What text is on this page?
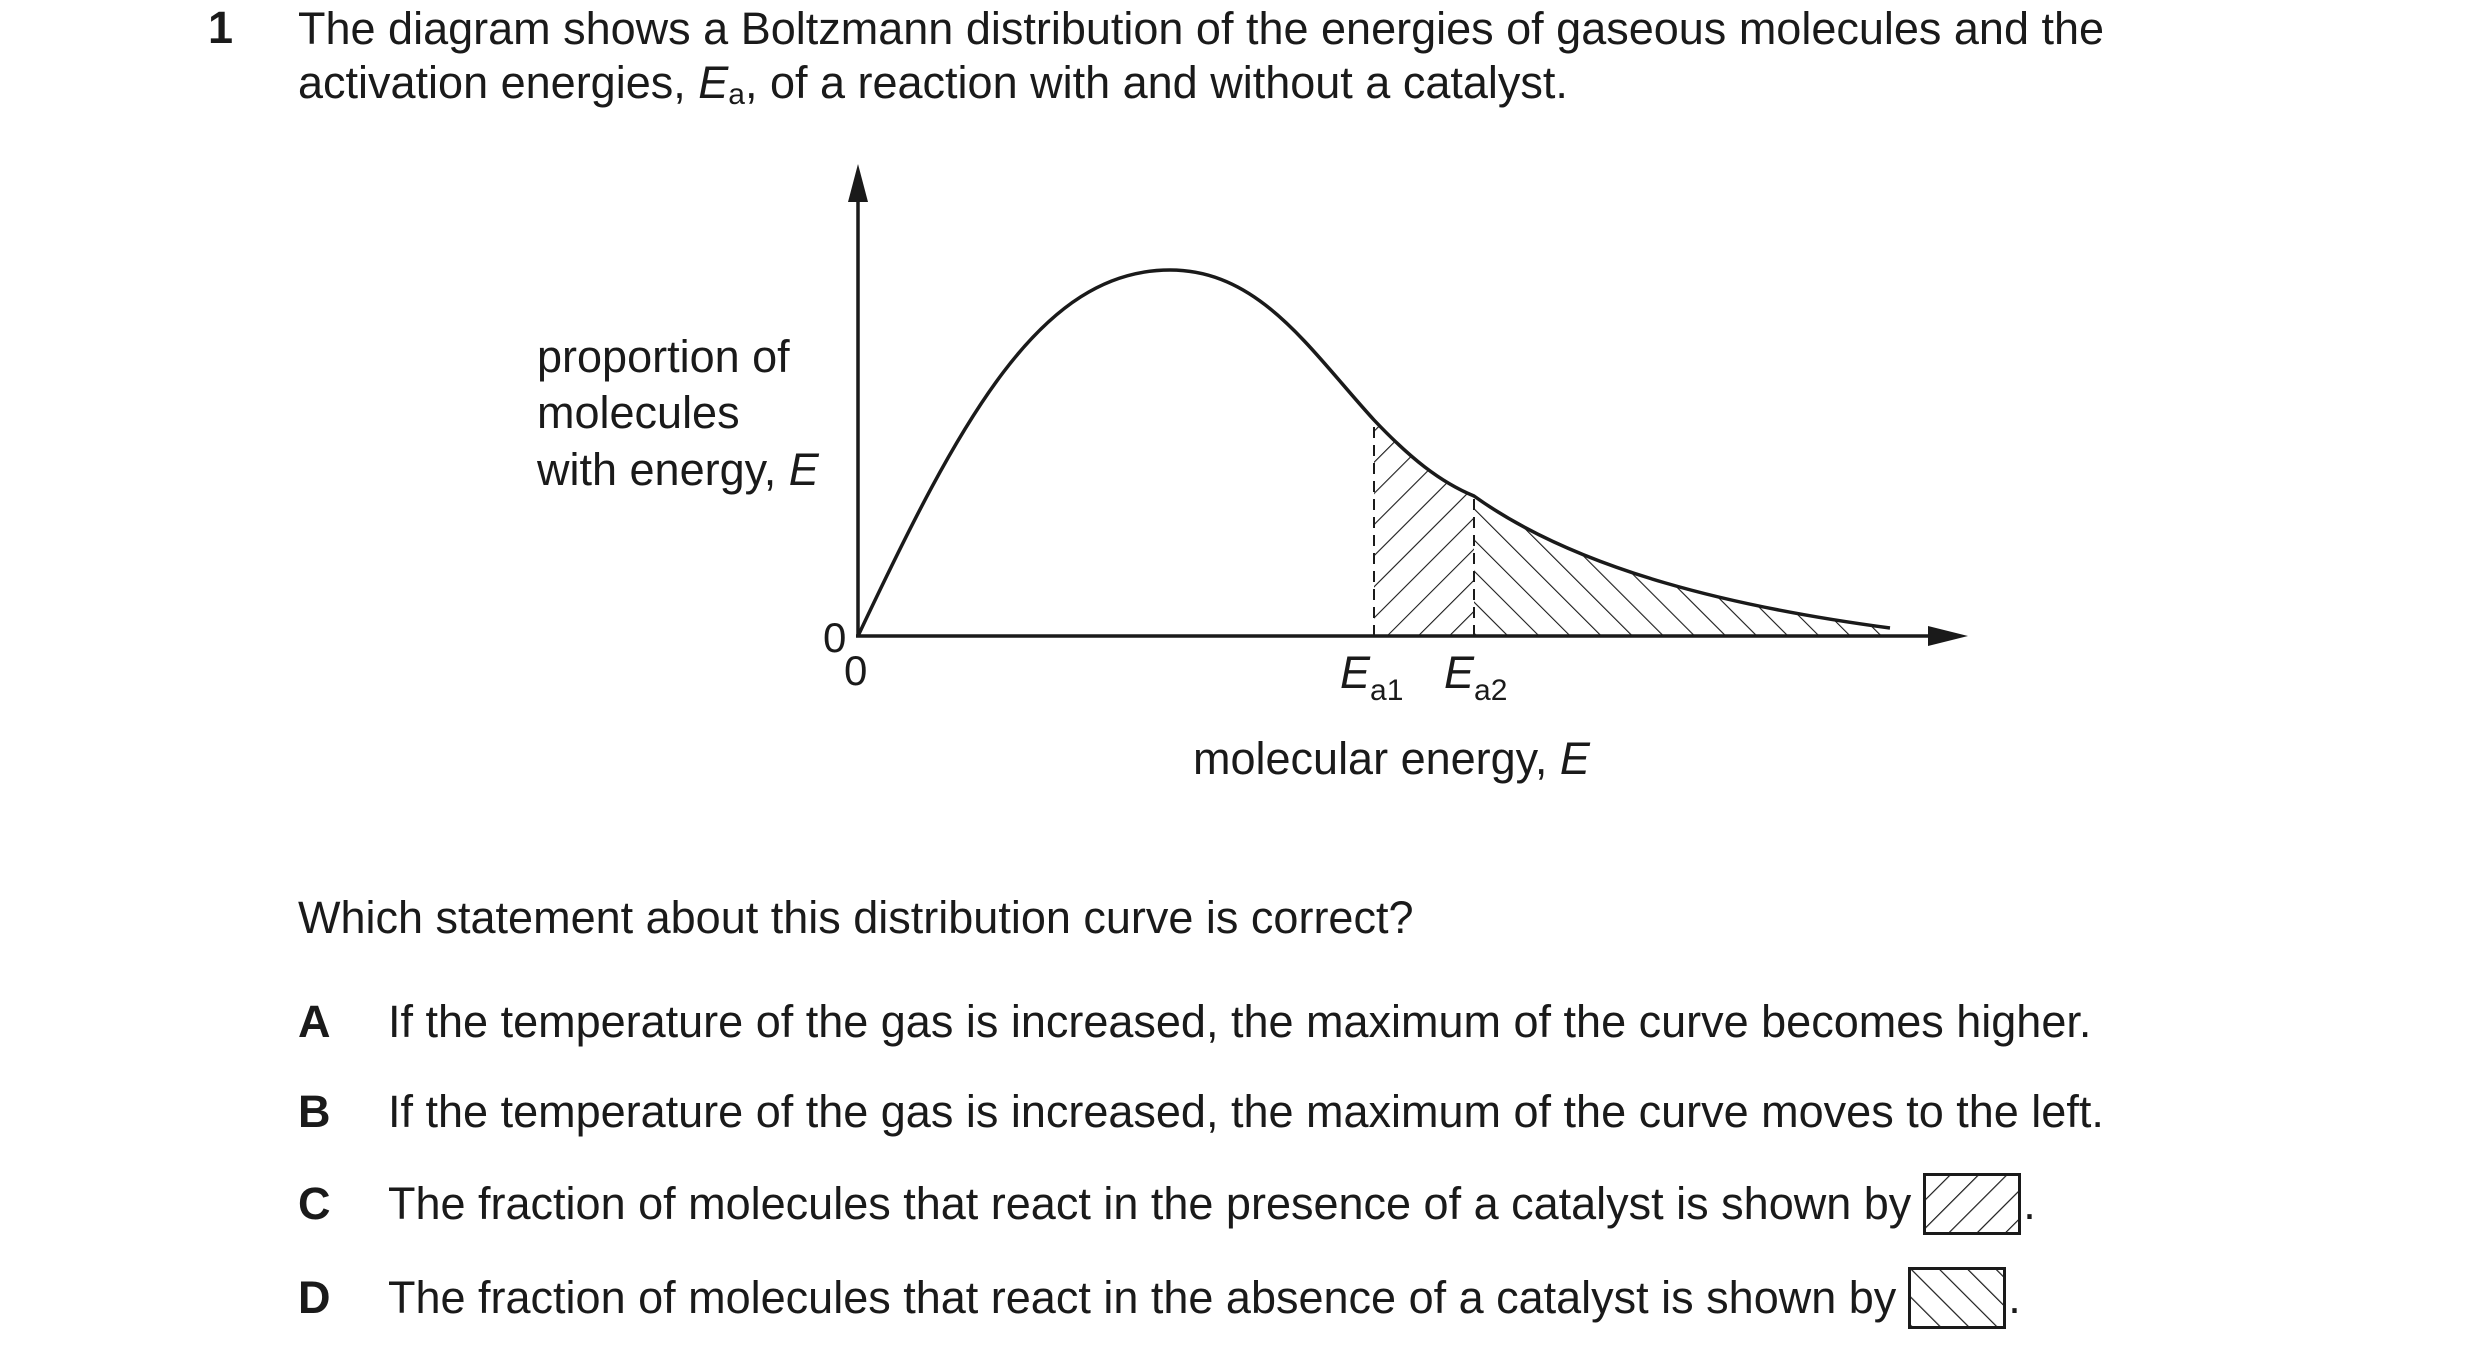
1 The diagram shows a Boltzmann distribution of the energies of gaseous molecules and the
activation energies, $E_a$, of a reaction with and without a catalyst.
proportion of
molecules
with energy, E
0
0	$E_{a1}$ $E_{a2}$
molecular energy, E
Which statement about this distribution curve is correct?
A	If the temperature of the gas is increased, the maximum of the curve becomes higher.
B	If the temperature of the gas is increased, the maximum of the curve moves to the left.
C	The fraction of molecules that react in the presence of a catalyst is shown by .
D	The fraction of molecules that react in the absence of a catalyst is shown by .
